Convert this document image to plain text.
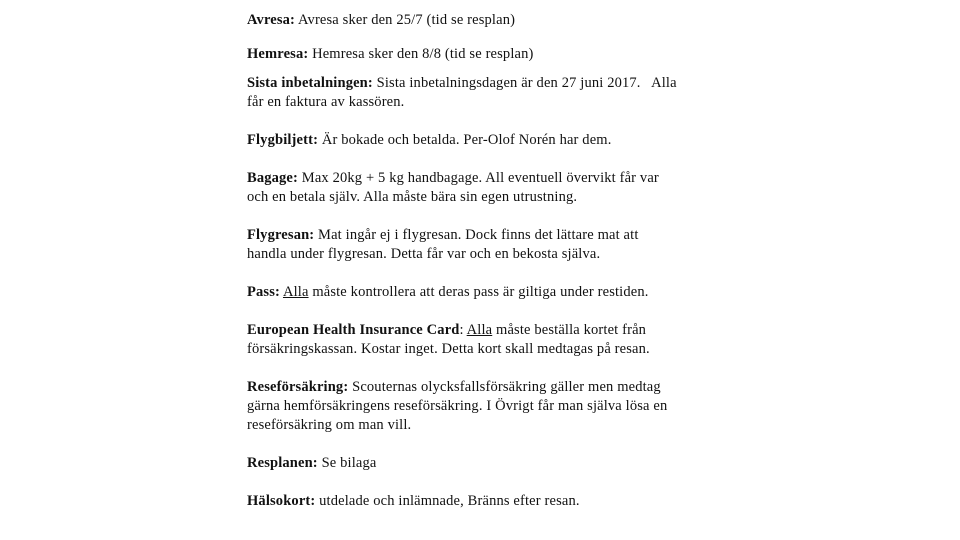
Avresa: Avresa sker den 25/7 (tid se resplan)

Hemresa: Hemresa sker den 8/8 (tid se resplan)

Sista inbetalningen: Sista inbetalningsdagen är den 27 juni 2017.   Alla
får en faktura av kassören.

Flygbiljett: Är bokade och betalda. Per-Olof Norén har dem.

Bagage: Max 20kg + 5 kg handbagage. All eventuell övervikt får var
och en betala själv. Alla måste bära sin egen utrustning.

Flygresan: Mat ingår ej i flygresan. Dock finns det lättare mat att
handla under flygresan. Detta får var och en bekosta själva.

Pass: Alla måste kontrollera att deras pass är giltiga under restiden.

European Health Insurance Card: Alla måste beställa kortet från
försäkringskassan. Kostar inget. Detta kort skall medtagas på resan.

Reseförsäkring: Scouternas olycksfallsförsäkring gäller men medtag
gärna hemförsäkringens reseförsäkring. I Övrigt får man själva lösa en
reseförsäkring om man vill.

Resplanen: Se bilaga

Hälsokort: utdelade och inlämnade, Bränns efter resan.
